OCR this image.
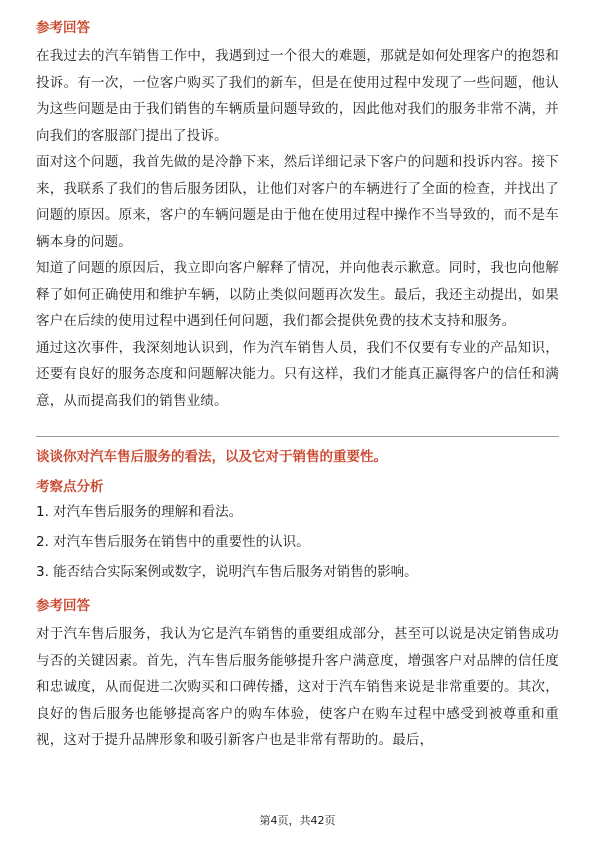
参考回答

在我过去的汽车销售工作中，我遇到过一个很大的难题，那就是如何处理客户的抱怨和投诉。有一次，一位客户购买了我们的新车，但是在使用过程中发现了一些问题，他认为这些问题是由于我们销售的车辆质量问题导致的，因此他对我们的服务非常不满，并向我们的客服部门提出了投诉。

面对这个问题，我首先做的是冷静下来，然后详细记录下客户的问题和投诉内容。接下来，我联系了我们的售后服务团队，让他们对客户的车辆进行了全面的检查，并找出了问题的原因。原来，客户的车辆问题是由于他在使用过程中操作不当导致的，而不是车辆本身的问题。

知道了问题的原因后，我立即向客户解释了情况，并向他表示歉意。同时，我也向他解释了如何正确使用和维护车辆，以防止类似问题再次发生。最后，我还主动提出，如果客户在后续的使用过程中遇到任何问题，我们都会提供免费的技术支持和服务。

通过这次事件，我深刻地认识到，作为汽车销售人员，我们不仅要有专业的产品知识，还要有良好的服务态度和问题解决能力。只有这样，我们才能真正赢得客户的信任和满意，从而提高我们的销售业绩。

谈谈你对汽车售后服务的看法，以及它对于销售的重要性。
考察点分析
1. 对汽车售后服务的理解和看法。
2. 对汽车售后服务在销售中的重要性的认识。
3. 能否结合实际案例或数字，说明汽车售后服务对销售的影响。
参考回答

对于汽车售后服务，我认为它是汽车销售的重要组成部分，甚至可以说是决定销售成功与否的关键因素。首先，汽车售后服务能够提升客户满意度，增强客户对品牌的信任度和忠诚度，从而促进二次购买和口碑传播，这对于汽车销售来说是非常重要的。其次，良好的售后服务也能够提高客户的购车体验，使客户在购车过程中感受到被尊重和重视，这对于提升品牌形象和吸引新客户也是非常有帮助的。最后，

第4页，共42页
